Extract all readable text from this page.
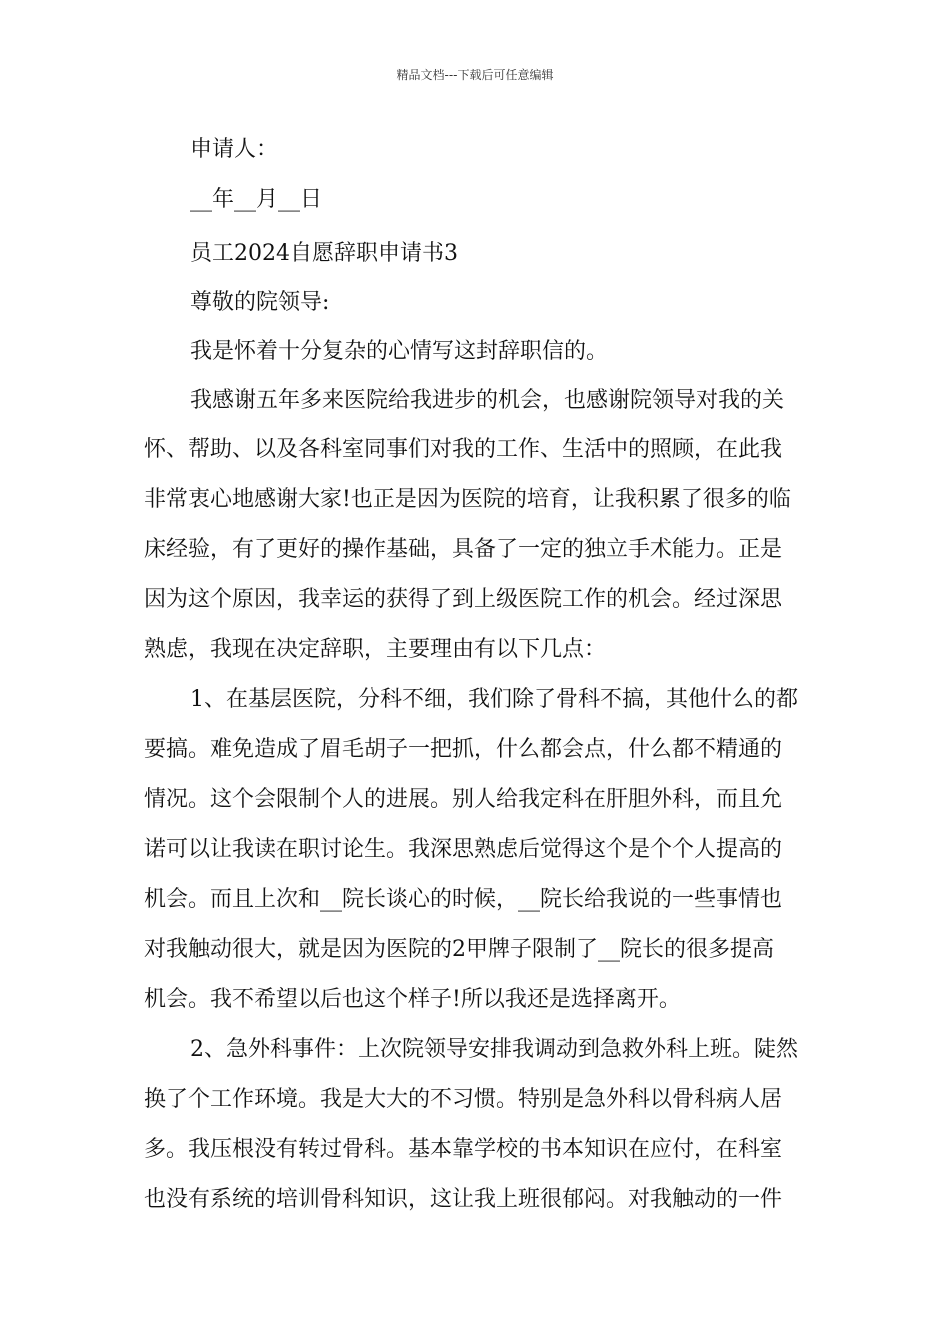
精品文档---下载后可任意编辑
申请人：
__年__月__日
员工2024自愿辞职申请书3
尊敬的院领导:
我是怀着十分复杂的心情写这封辞职信的。
我感谢五年多来医院给我进步的机会，也感谢院领导对我的关
怀、帮助、以及各科室同事们对我的工作、生活中的照顾，在此我
非常衷心地感谢大家!也正是因为医院的培育，让我积累了很多的临
床经验，有了更好的操作基础，具备了一定的独立手术能力。正是
因为这个原因，我幸运的获得了到上级医院工作的机会。经过深思
熟虑，我现在决定辞职，主要理由有以下几点：
1、在基层医院，分科不细，我们除了骨科不搞，其他什么的都
要搞。难免造成了眉毛胡子一把抓，什么都会点，什么都不精通的
情况。这个会限制个人的进展。别人给我定科在肝胆外科，而且允
诺可以让我读在职讨论生。我深思熟虑后觉得这个是个个人提高的
机会。而且上次和__院长谈心的时候，__院长给我说的一些事情也
对我触动很大，就是因为医院的2甲牌子限制了__院长的很多提高
机会。我不希望以后也这个样子!所以我还是选择离开。
2、急外科事件：上次院领导安排我调动到急救外科上班。陡然
换了个工作环境。我是大大的不习惯。特别是急外科以骨科病人居
多。我压根没有转过骨科。基本靠学校的书本知识在应付，在科室
也没有系统的培训骨科知识，这让我上班很郁闷。对我触动的一件
